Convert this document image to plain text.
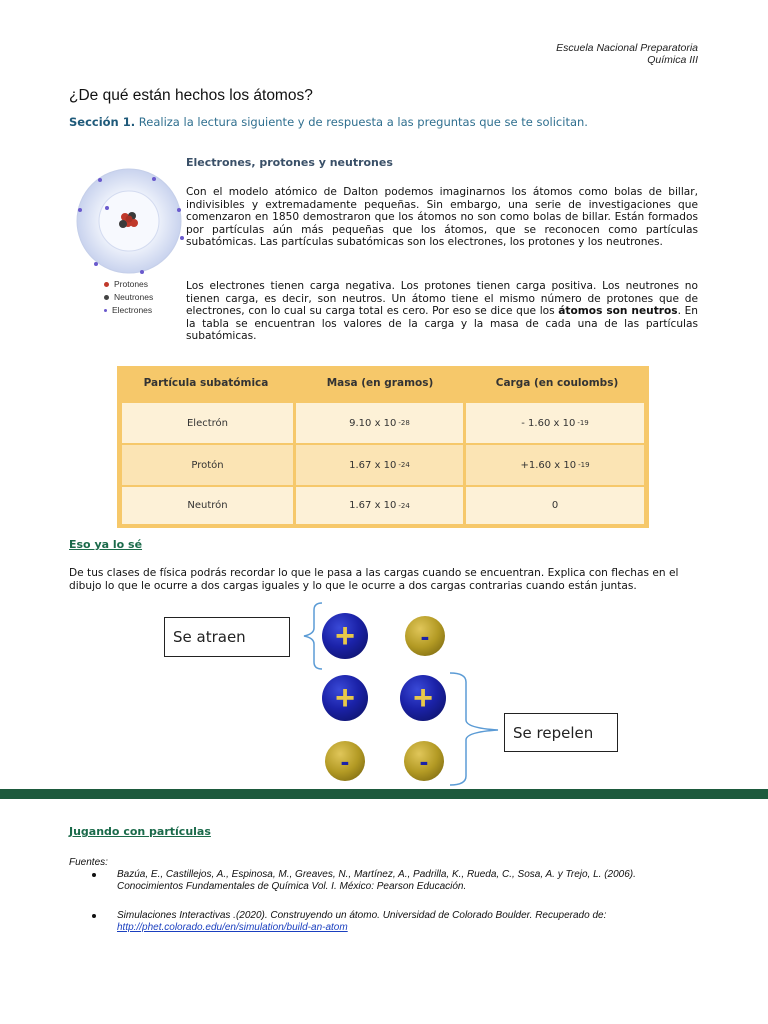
Escuela Nacional Preparatoria
Química III
¿De qué están hechos los átomos?
Sección 1. Realiza la lectura siguiente y de respuesta a las preguntas que se te solicitan.
Protones
Neutrones
Electrones
Electrones, protones y neutrones
Con el modelo atómico de Dalton podemos imaginarnos los átomos como bolas de billar, indivisibles y extremadamente pequeñas. Sin embargo, una serie de investigaciones que comenzaron en 1850 demostraron que los átomos no son como bolas de billar. Están formados por partículas aún más pequeñas que los átomos, que se reconocen como partículas subatómicas. Las partículas subatómicas son los electrones, los protones y los neutrones.
Los electrones tienen carga negativa. Los protones tienen carga positiva. Los neutrones no tienen carga, es decir, son neutros. Un átomo tiene el mismo número de protones que de electrones, con lo cual su carga total es cero. Por eso se dice que los átomos son neutros. En la tabla se encuentran los valores de la carga y la masa de cada una de las partículas subatómicas.
Partícula subatómica	Masa (en gramos)	Carga (en coulombs)
Electrón	9.10 x 10 -28	- 1.60 x 10 -19
Protón	1.67 x 10 -24	+1.60 x 10 -19
Neutrón	1.67 x 10 -24	0
Eso ya lo sé
De tus clases de física podrás recordar lo que le pasa a las cargas cuando se encuentran. Explica con flechas en el dibujo lo que le ocurre a dos cargas iguales y lo que le ocurre a dos cargas contrarias cuando están juntas.
Se atraen
Se repelen
+	-
+ +
-	-
Jugando con partículas
Fuentes:
Bazúa, E., Castillejos, A., Espinosa, M., Greaves, N., Martínez, A., Padrilla, K., Rueda, C., Sosa, A. y Trejo, L. (2006).
Conocimientos Fundamentales de Química Vol. I. México: Pearson Educación.
Simulaciones Interactivas .(2020). Construyendo un átomo. Universidad de Colorado Boulder. Recuperado de:
http://phet.colorado.edu/en/simulation/build-an-atom
